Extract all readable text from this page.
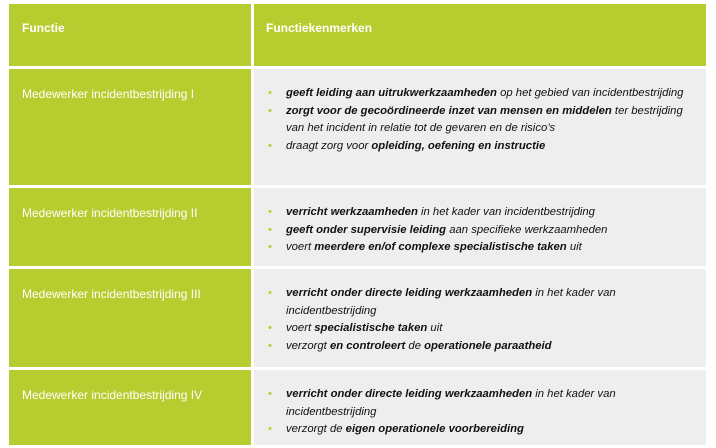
Functie	Functiekenmerken
Medewerker incidentbestrijding I	• geeft leiding aan uitrukwerkzaamheden op het gebied van incidentbestrijding
• zorgt voor de gecoördineerde inzet van mensen en middelen ter bestrijding van het incident in relatie tot de gevaren en de risico’s
• draagt zorg voor opleiding, oefening en instructie
Medewerker incidentbestrijding II	• verricht werkzaamheden in het kader van incidentbestrijding
• geeft onder supervisie leiding aan specifieke werkzaamheden
• voert meerdere en/of complexe specialistische taken uit
Medewerker incidentbestrijding III	• verricht onder directe leiding werkzaamheden in het kader van incidentbestrijding
• voert specialistische taken uit
• verzorgt en controleert de operationele paraatheid
Medewerker incidentbestrijding IV	• verricht onder directe leiding werkzaamheden in het kader van incidentbestrijding
• verzorgt de eigen operationele voorbereiding
